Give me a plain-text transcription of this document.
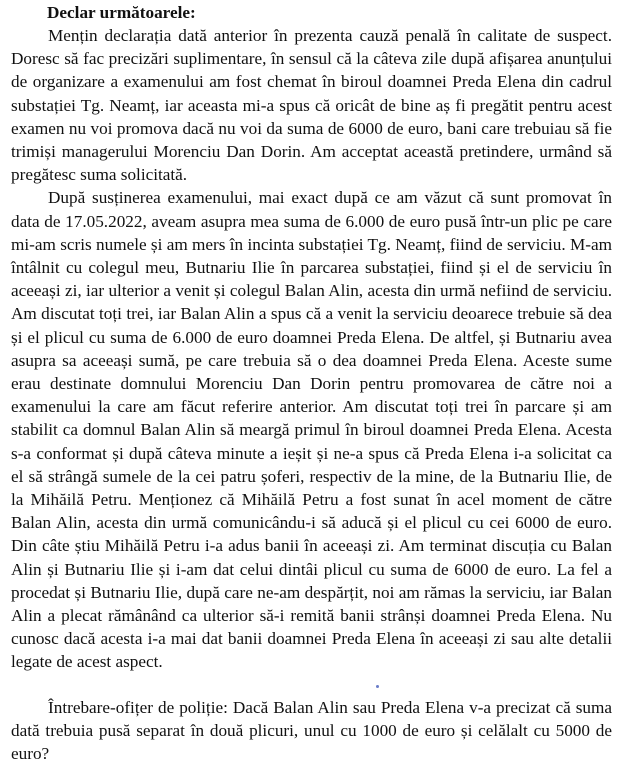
Declar următoarele:

Mențin declarația dată anterior în prezenta cauză penală în calitate de suspect. Doresc să fac precizări suplimentare, în sensul că la câteva zile după afișarea anunțului de organizare a examenului am fost chemat în biroul doamnei Preda Elena din cadrul substației Tg. Neamț, iar aceasta mi-a spus că oricât de bine aș fi pregătit pentru acest examen nu voi promova dacă nu voi da suma de 6000 de euro, bani care trebuiau să fie trimiși managerului Morenciu Dan Dorin. Am acceptat această pretindere, urmând să pregătesc suma solicitată.

După susținerea examenului, mai exact după ce am văzut că sunt promovat în data de 17.05.2022, aveam asupra mea suma de 6.000 de euro pusă într-un plic pe care mi-am scris numele și am mers în incinta substației Tg. Neamț, fiind de serviciu. M-am întâlnit cu colegul meu, Butnariu Ilie în parcarea substației, fiind și el de serviciu în aceeași zi, iar ulterior a venit și colegul Balan Alin, acesta din urmă nefiind de serviciu. Am discutat toți trei, iar Balan Alin a spus că a venit la serviciu deoarece trebuie să dea și el plicul cu suma de 6.000 de euro doamnei Preda Elena. De altfel, și Butnariu avea asupra sa aceeași sumă, pe care trebuia să o dea doamnei Preda Elena. Aceste sume erau destinate domnului Morenciu Dan Dorin pentru promovarea de către noi a examenului la care am făcut referire anterior. Am discutat toți trei în parcare și am stabilit ca domnul Balan Alin să meargă primul în biroul doamnei Preda Elena. Acesta s-a conformat și după câteva minute a ieșit și ne-a spus că Preda Elena i-a solicitat ca el să strângă sumele de la cei patru șoferi, respectiv de la mine, de la Butnariu Ilie, de la Mihăilă Petru. Menționez că Mihăilă Petru a fost sunat în acel moment de către Balan Alin, acesta din urmă comunicându-i să aducă și el plicul cu cei 6000 de euro. Din câte știu Mihăilă Petru i-a adus banii în aceeași zi. Am terminat discuția cu Balan Alin și Butnariu Ilie și i-am dat celui dintâi plicul cu suma de 6000 de euro. La fel a procedat și Butnariu Ilie, după care ne-am despărțit, noi am rămas la serviciu, iar Balan Alin a plecat rămânând ca ulterior să-i remită banii strânși doamnei Preda Elena. Nu cunosc dacă acesta i-a mai dat banii doamnei Preda Elena în aceeași zi sau alte detalii legate de acest aspect.

Întrebare-ofițer de poliție: Dacă Balan Alin sau Preda Elena v-a precizat că suma dată trebuia pusă separat în două plicuri, unul cu 1000 de euro și celălalt cu 5000 de euro?
